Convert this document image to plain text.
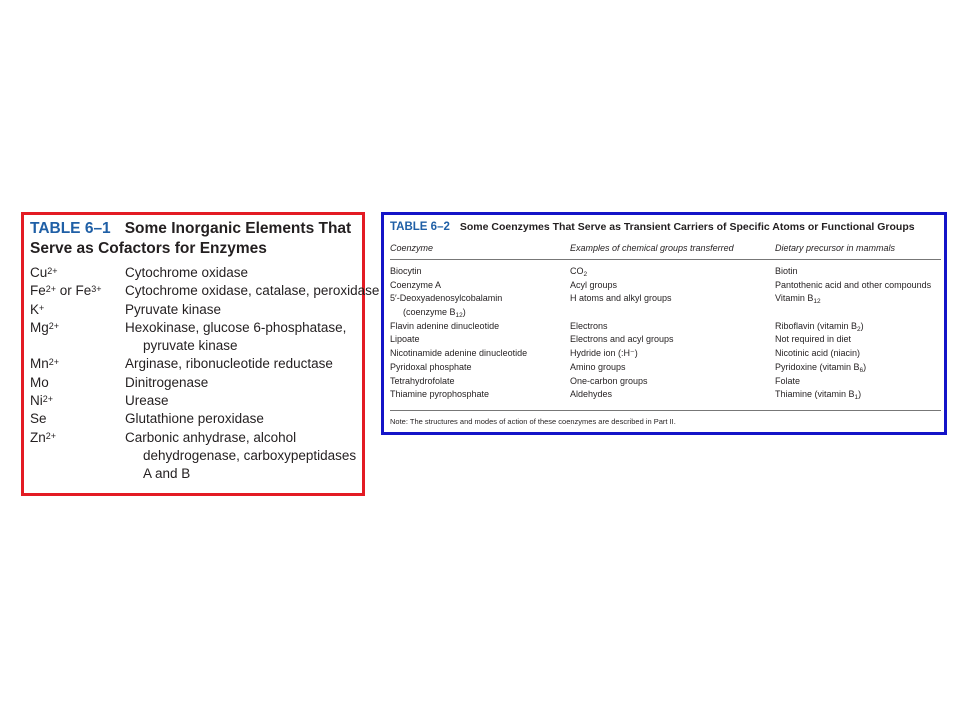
TABLE 6–1 Some Inorganic Elements That
Serve as Cofactors for Enzymes
$Cu^{2+}$	Cytochrome oxidase
$Fe^{2+}$ or $Fe^{3+}$	Cytochrome oxidase, catalase, peroxidase
K+	Pyruvate kinase
$Mg^{2+}$	Hexokinase, glucose 6-phosphatase,
pyruvate kinase
$Mn^{2+}$	Arginase, ribonucleotide reductase
Mo	Dinitrogenase
$Ni^{2+}$	Urease
Se	Glutathione peroxidase
$Zn^{2+}$	Carbonic anhydrase, alcohol
dehydrogenase, carboxypeptidases
A and B
TABLE 6–2 Some Coenzymes That Serve as Transient Carriers of Specific Atoms or Functional Groups
Coenzyme	Examples of chemical groups transferred	Dietary precursor in mammals
Biocytin	$CO_2$	Biotin
Coenzyme A	Acyl groups	Pantothenic acid and other compounds
5′-Deoxyadenosylcobalamin
(coenzyme $B_{12}$)
H atoms and alkyl groups	Vitamin $B_{12}$
Flavin adenine dinucleotide	Electrons	Riboflavin (vitamin $B_2$)
Lipoate	Electrons and acyl groups	Not required in diet
Nicotinamide adenine dinucleotide	Hydride ion (:H⁻)	Nicotinic acid (niacin)
Pyridoxal phosphate	Amino groups	Pyridoxine (vitamin $B_6$)
Tetrahydrofolate	One-carbon groups	Folate
Thiamine pyrophosphate	Aldehydes	Thiamine (vitamin $B_1$)
Note: The structures and modes of action of these coenzymes are described in Part II.
